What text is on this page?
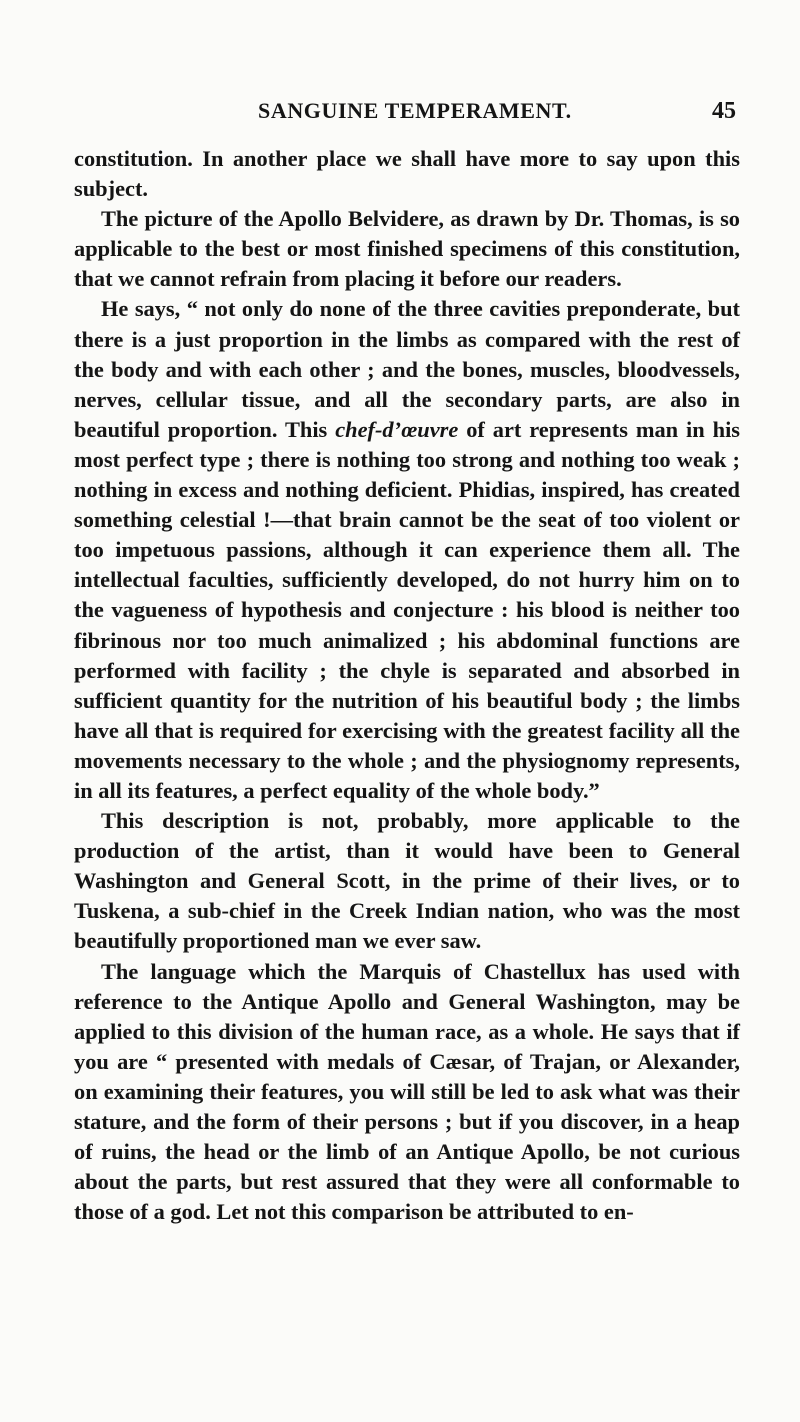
SANGUINE TEMPERAMENT.	45

constitution. In another place we shall have more to say upon this subject.

The picture of the Apollo Belvidere, as drawn by Dr. Thomas, is so applicable to the best or most finished specimens of this constitution, that we cannot refrain from placing it before our readers.

He says, “ not only do none of the three cavities preponderate, but there is a just proportion in the limbs as compared with the rest of the body and with each other ; and the bones, muscles, bloodvessels, nerves, cellular tissue, and all the secondary parts, are also in beautiful proportion. This chef-d’œuvre of art represents man in his most perfect type ; there is nothing too strong and nothing too weak ; nothing in excess and nothing deficient. Phidias, inspired, has created something celestial !—that brain cannot be the seat of too violent or too impetuous passions, although it can experience them all. The intellectual faculties, sufficiently developed, do not hurry him on to the vagueness of hypothesis and conjecture : his blood is neither too fibrinous nor too much animalized ; his abdominal functions are performed with facility ; the chyle is separated and absorbed in sufficient quantity for the nutrition of his beautiful body ; the limbs have all that is required for exercising with the greatest facility all the movements necessary to the whole ; and the physiognomy represents, in all its features, a perfect equality of the whole body.”

This description is not, probably, more applicable to the production of the artist, than it would have been to General Washington and General Scott, in the prime of their lives, or to Tuskena, a sub-chief in the Creek Indian nation, who was the most beautifully proportioned man we ever saw.

The language which the Marquis of Chastellux has used with reference to the Antique Apollo and General Washington, may be applied to this division of the human race, as a whole. He says that if you are “ presented with medals of Cæsar, of Trajan, or Alexander, on examining their features, you will still be led to ask what was their stature, and the form of their persons ; but if you discover, in a heap of ruins, the head or the limb of an Antique Apollo, be not curious about the parts, but rest assured that they were all conformable to those of a god. Let not this comparison be attributed to en-
